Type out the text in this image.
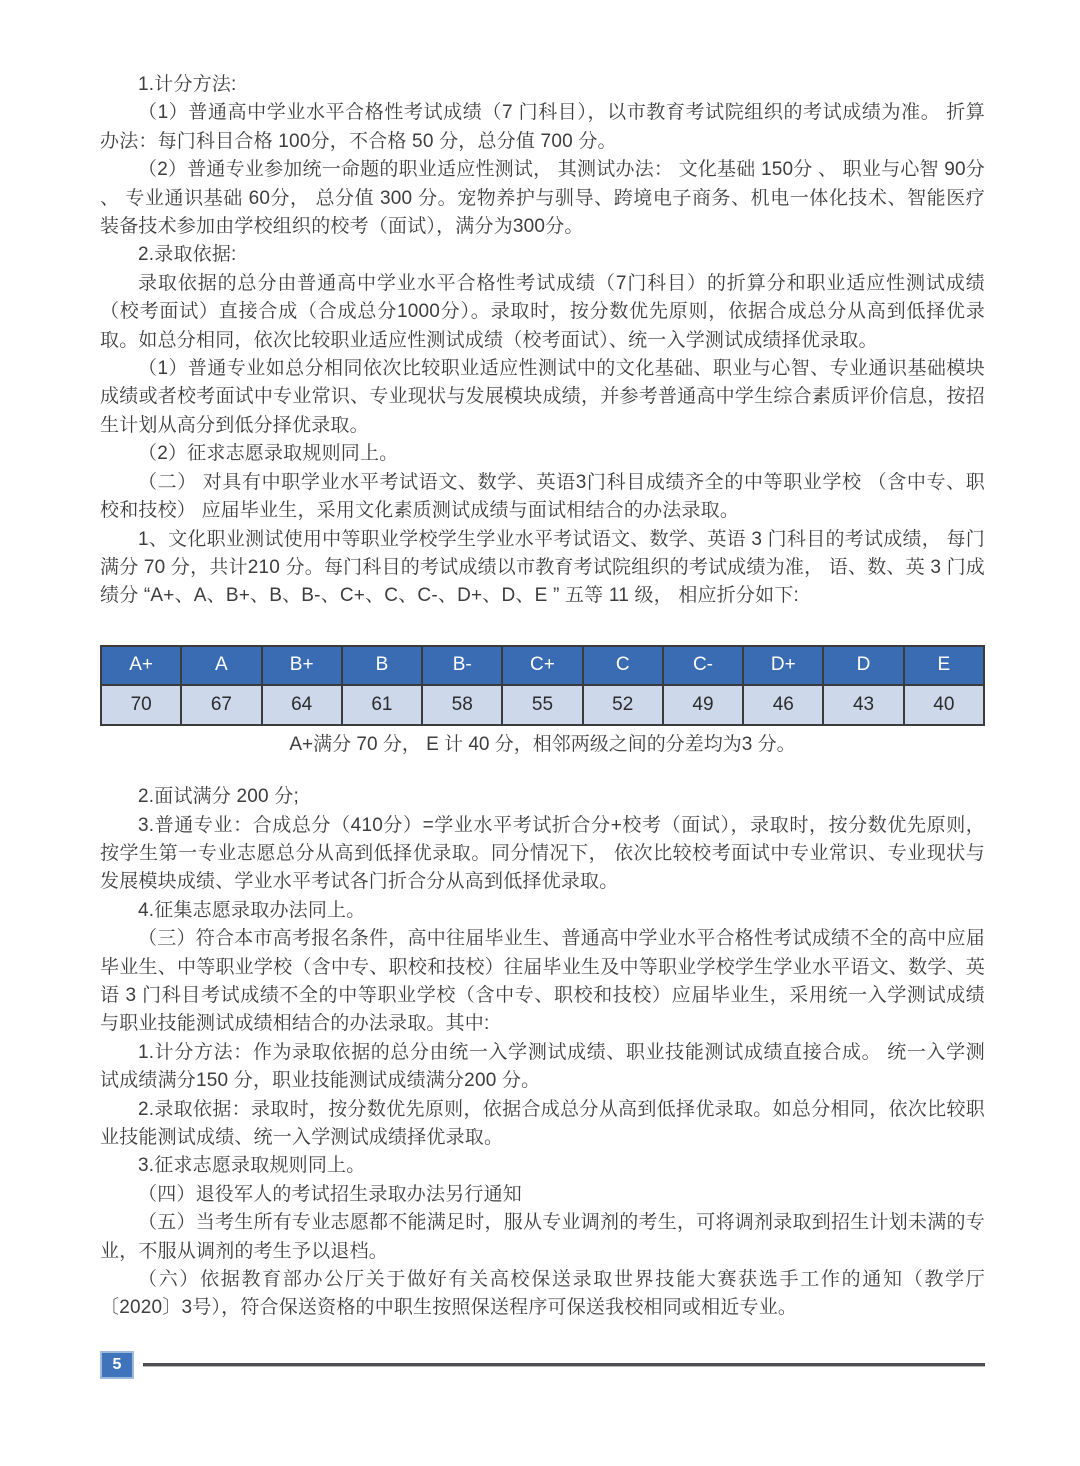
1.计分方法:

（1）普通高中学业水平合格性考试成绩（7 门科目），以市教育考试院组织的考试成绩为准。 折算办法：每门科目合格 100分，不合格 50 分，总分值 700 分。

（2）普通专业参加统一命题的职业适应性测试， 其测试办法： 文化基础 150分 、 职业与心智 90分 、 专业通识基础 60分， 总分值 300 分。宠物养护与驯导、跨境电子商务、机电一体化技术、智能医疗装备技术参加由学校组织的校考（面试），满分为300分。

2.录取依据:

录取依据的总分由普通高中学业水平合格性考试成绩（7门科目）的折算分和职业适应性测试成绩（校考面试）直接合成（合成总分1000分）。录取时，按分数优先原则，依据合成总分从高到低择优录取。如总分相同，依次比较职业适应性测试成绩（校考面试）、统一入学测试成绩择优录取。

（1）普通专业如总分相同依次比较职业适应性测试中的文化基础、职业与心智、专业通识基础模块成绩或者校考面试中专业常识、专业现状与发展模块成绩，并参考普通高中学生综合素质评价信息，按招生计划从高分到低分择优录取。

（2）征求志愿录取规则同上。

（二） 对具有中职学业水平考试语文、数学、英语3门科目成绩齐全的中等职业学校 （含中专、职校和技校） 应届毕业生，采用文化素质测试成绩与面试相结合的办法录取。

1、文化职业测试使用中等职业学校学生学业水平考试语文、数学、英语 3 门科目的考试成绩， 每门满分 70 分，共计210 分。每门科目的考试成绩以市教育考试院组织的考试成绩为准， 语、数、英 3 门成绩分 “A+、A、B+、B、B-、C+、C、C-、D+、D、E ” 五等 11 级， 相应折分如下:

A+	A	B+	B	B-	C+	C	C-	D+	D	E
70	67	64	61	58	55	52	49	46	43	40

A+满分 70 分， E 计 40 分，相邻两级之间的分差均为3 分。

2.面试满分 200 分;

3.普通专业：合成总分（410分）=学业水平考试折合分+校考（面试），录取时，按分数优先原则，按学生第一专业志愿总分从高到低择优录取。同分情况下， 依次比较校考面试中专业常识、专业现状与发展模块成绩、学业水平考试各门折合分从高到低择优录取。

4.征集志愿录取办法同上。

（三）符合本市高考报名条件，高中往届毕业生、普通高中学业水平合格性考试成绩不全的高中应届毕业生、中等职业学校（含中专、职校和技校）往届毕业生及中等职业学校学生学业水平语文、数学、英语 3 门科目考试成绩不全的中等职业学校（含中专、职校和技校）应届毕业生，采用统一入学测试成绩与职业技能测试成绩相结合的办法录取。其中:

1.计分方法：作为录取依据的总分由统一入学测试成绩、职业技能测试成绩直接合成。 统一入学测试成绩满分150 分，职业技能测试成绩满分200 分。

2.录取依据：录取时，按分数优先原则，依据合成总分从高到低择优录取。如总分相同，依次比较职业技能测试成绩、统一入学测试成绩择优录取。

3.征求志愿录取规则同上。

（四）退役军人的考试招生录取办法另行通知

（五）当考生所有专业志愿都不能满足时，服从专业调剂的考生，可将调剂录取到招生计划未满的专业，不服从调剂的考生予以退档。

（六）依据教育部办公厅关于做好有关高校保送录取世界技能大赛获选手工作的通知（教学厅〔2020〕3号），符合保送资格的中职生按照保送程序可保送我校相同或相近专业。

5
